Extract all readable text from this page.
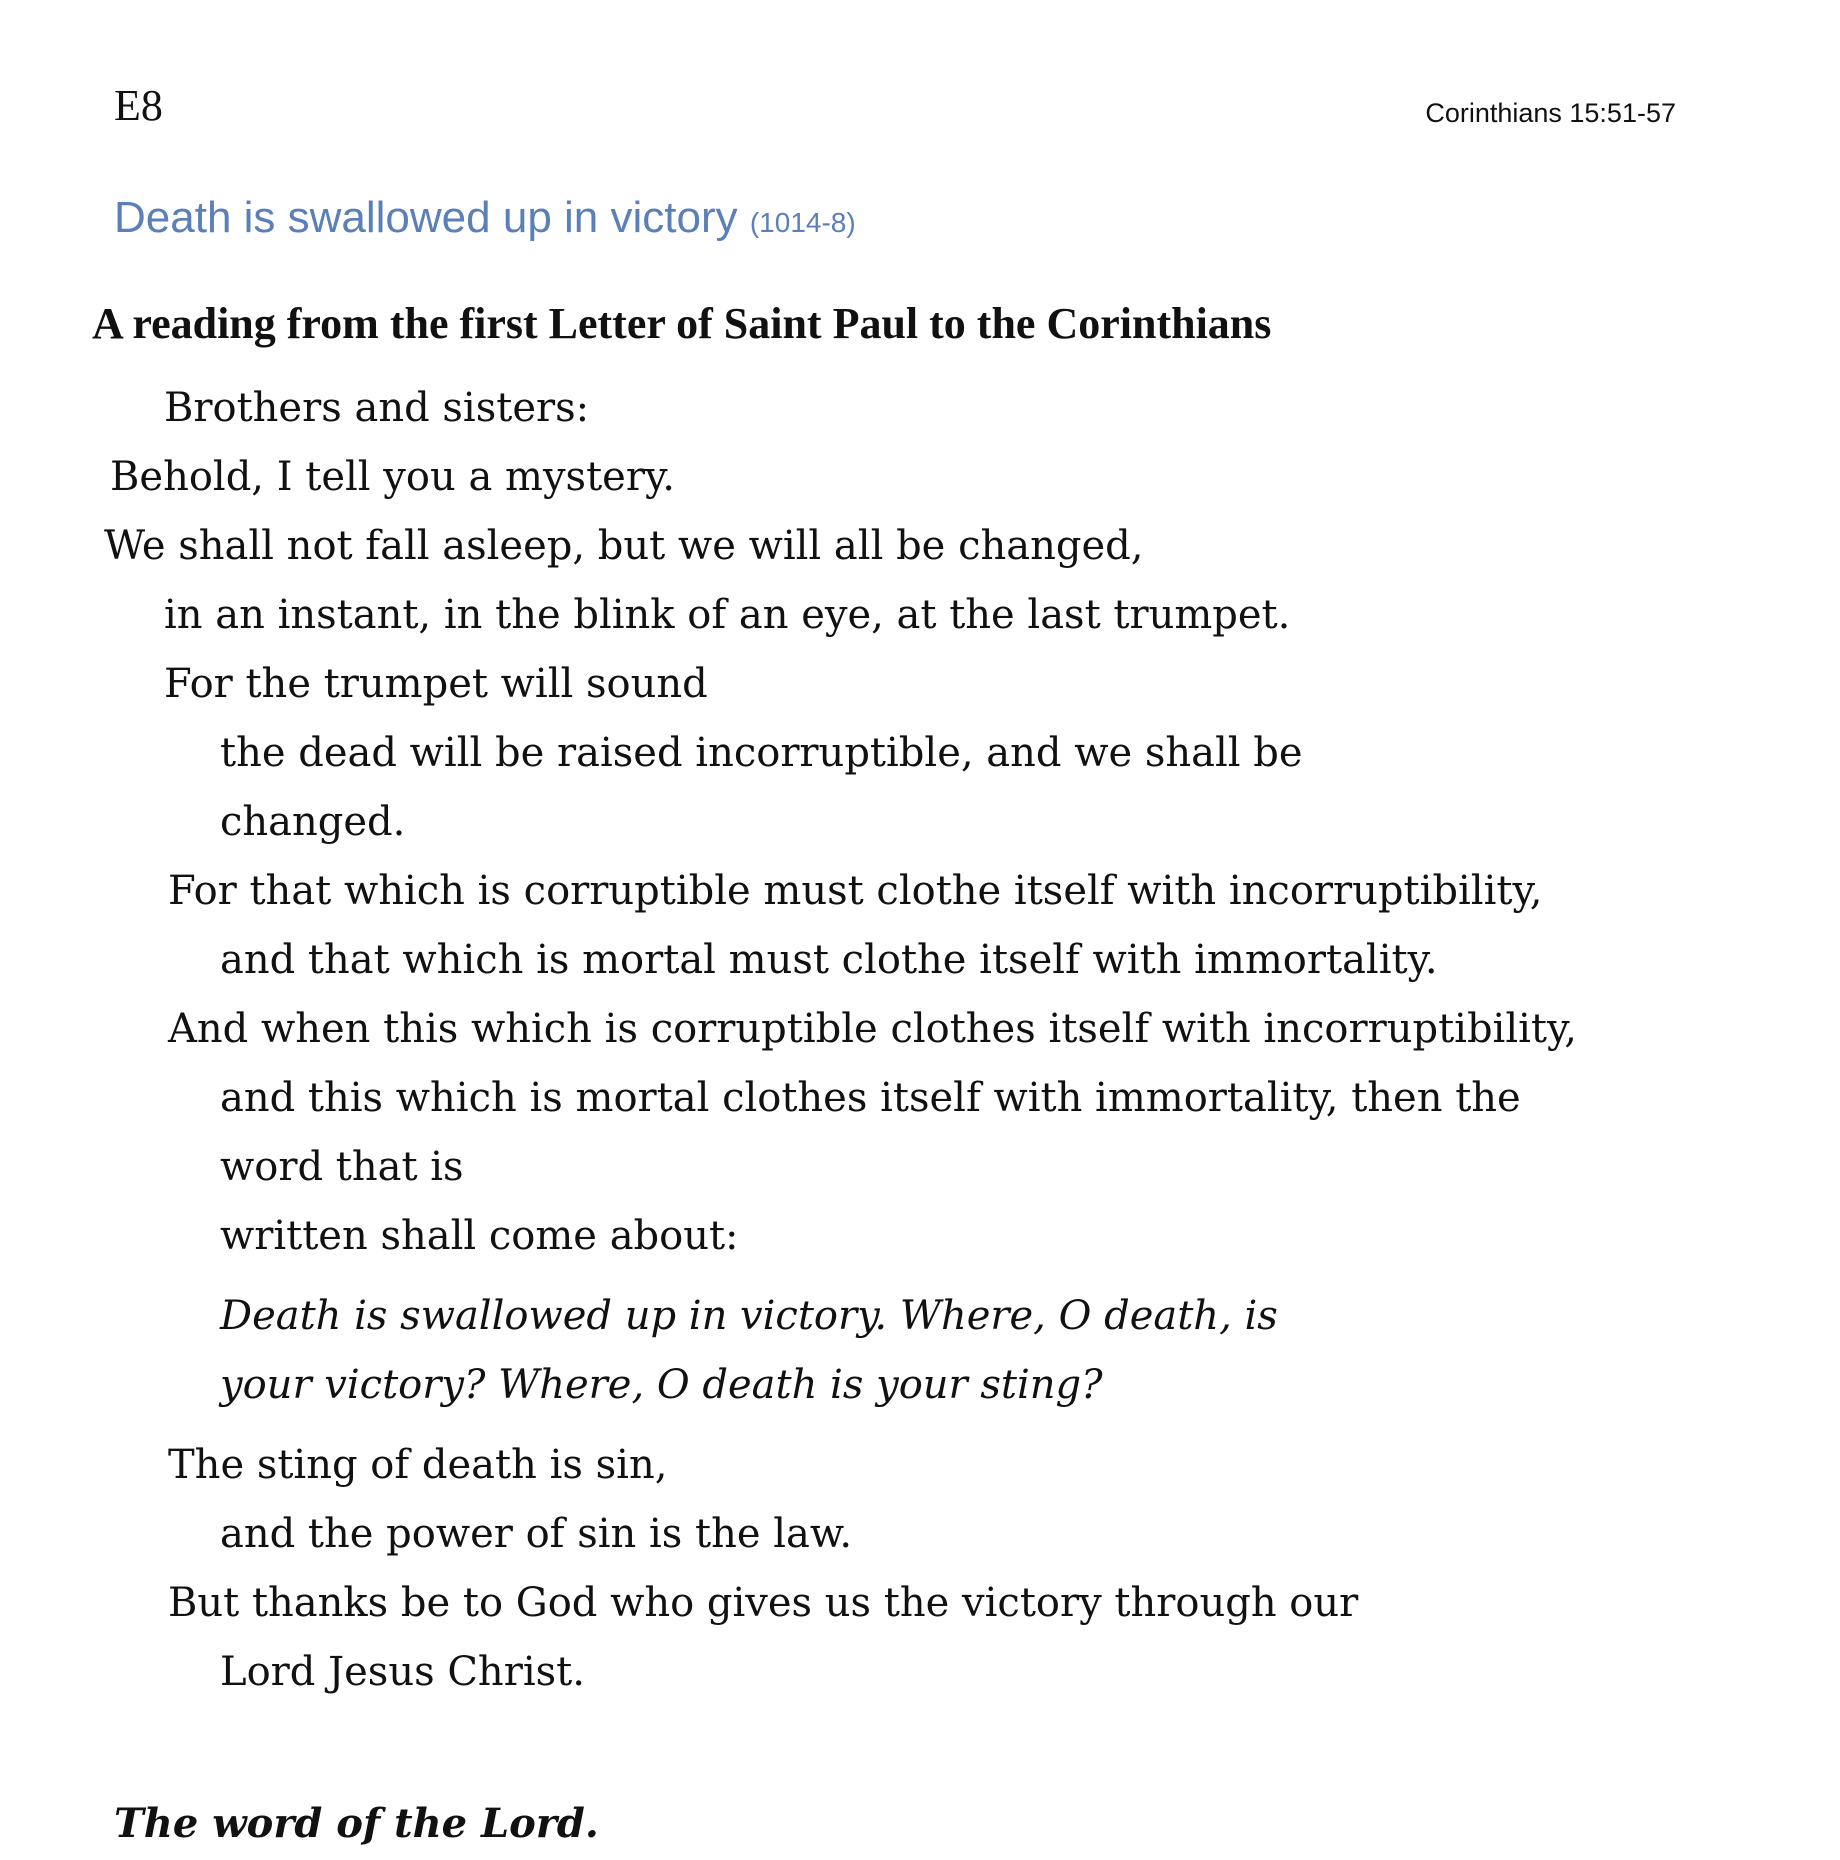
E8	Corinthians 15:51-57
Death is swallowed up in victory (1014-8)
A reading from the first Letter of Saint Paul to the Corinthians
Brothers and sisters:
Behold, I tell you a mystery.
We shall not fall asleep, but we will all be changed,
in an instant, in the blink of an eye, at the last trumpet.
For the trumpet will sound
the dead will be raised incorruptible, and we shall be
changed.
For that which is corruptible must clothe itself with incorruptibility,
and that which is mortal must clothe itself with immortality.
And when this which is corruptible clothes itself with incorruptibility,
and this which is mortal clothes itself with immortality, then the
word that is
written shall come about:
Death is swallowed up in victory. Where, O death, is
your victory? Where, O death is your sting?
The sting of death is sin,
and the power of sin is the law.
But thanks be to God who gives us the victory through our
Lord Jesus Christ.
The word of the Lord.
